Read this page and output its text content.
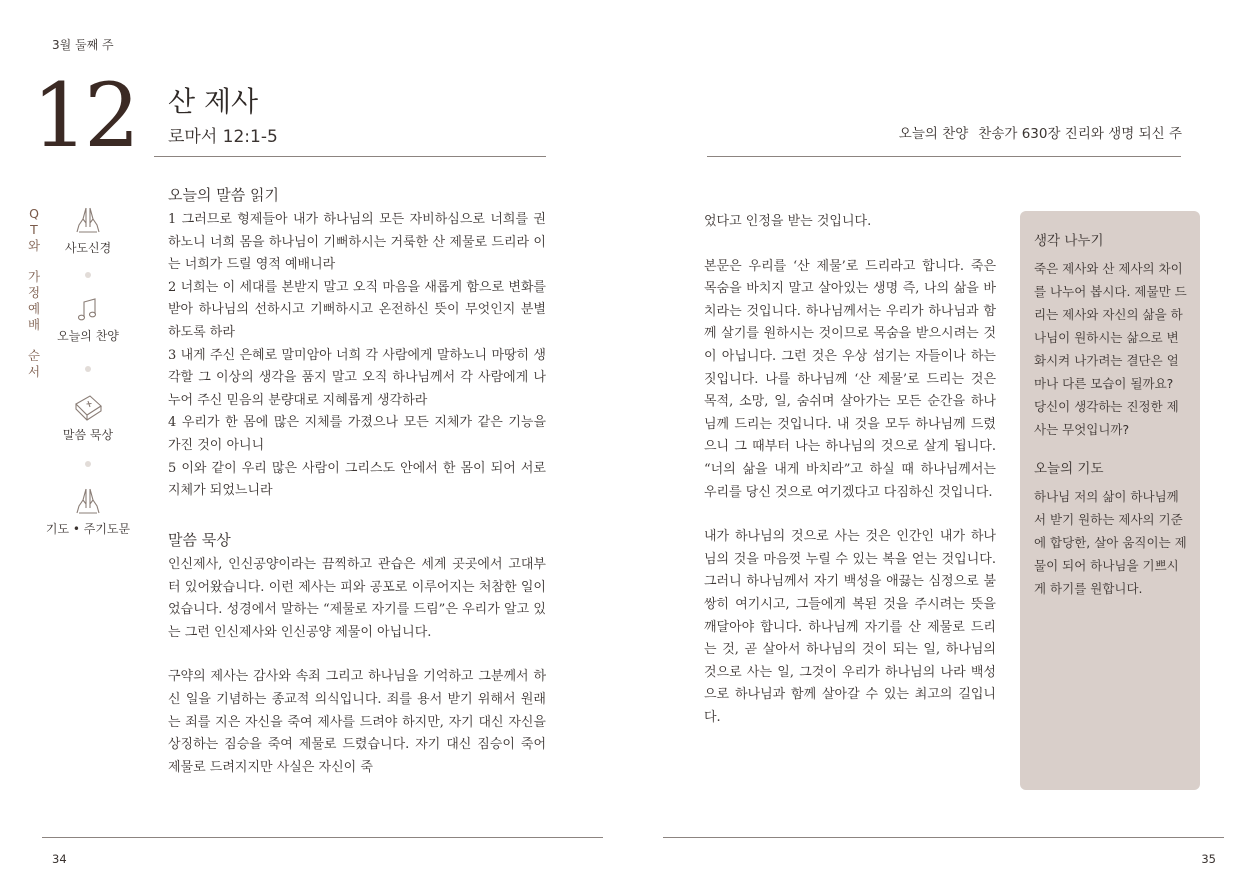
3월 둘째 주
12 산 제사
로마서 12:1-5	오늘의 찬양 찬송가 630장 진리와 생명 되신 주
Q
T
와

가
정
예
배

순
서
사도신경
오늘의 찬양
말씀 묵상
기도 • 주기도문
오늘의 말씀 읽기

1 그러므로 형제들아 내가 하나님의 모든 자비하심으로 너희를 권하노니 너희 몸을 하나님이 기뻐하시는 거룩한 산 제물로 드리라 이는 너희가 드릴 영적 예배니라

2 너희는 이 세대를 본받지 말고 오직 마음을 새롭게 함으로 변화를 받아 하나님의 선하시고 기뻐하시고 온전하신 뜻이 무엇인지 분별하도록 하라

3 내게 주신 은혜로 말미암아 너희 각 사람에게 말하노니 마땅히 생각할 그 이상의 생각을 품지 말고 오직 하나님께서 각 사람에게 나누어 주신 믿음의 분량대로 지혜롭게 생각하라

4 우리가 한 몸에 많은 지체를 가졌으나 모든 지체가 같은 기능을 가진 것이 아니니

5 이와 같이 우리 많은 사람이 그리스도 안에서 한 몸이 되어 서로 지체가 되었느니라

말씀 묵상

인신제사, 인신공양이라는 끔찍하고 관습은 세계 곳곳에서 고대부터 있어왔습니다. 이런 제사는 피와 공포로 이루어지는 처참한 일이었습니다. 성경에서 말하는 “제물로 자기를 드림”은 우리가 알고 있는 그런 인신제사와 인신공양 제물이 아닙니다.

구약의 제사는 감사와 속죄 그리고 하나님을 기억하고 그분께서 하신 일을 기념하는 종교적 의식입니다. 죄를 용서 받기 위해서 원래는 죄를 지은 자신을 죽여 제사를 드려야 하지만, 자기 대신 자신을 상징하는 짐승을 죽여 제물로 드렸습니다. 자기 대신 짐승이 죽어 제물로 드려지지만 사실은 자신이 죽

었다고 인정을 받는 것입니다.

본문은 우리를 ‘산 제물’로 드리라고 합니다. 죽은 목숨을 바치지 말고 살아있는 생명 즉, 나의 삶을 바치라는 것입니다. 하나님께서는 우리가 하나님과 함께 살기를 원하시는 것이므로 목숨을 받으시려는 것이 아닙니다. 그런 것은 우상 섬기는 자들이나 하는 짓입니다. 나를 하나님께 ‘산 제물’로 드리는 것은 목적, 소망, 일, 숨쉬며 살아가는 모든 순간을 하나님께 드리는 것입니다. 내 것을 모두 하나님께 드렸으니 그 때부터 나는 하나님의 것으로 살게 됩니다. “너의 삶을 내게 바치라”고 하실 때 하나님께서는 우리를 당신 것으로 여기겠다고 다짐하신 것입니다.

내가 하나님의 것으로 사는 것은 인간인 내가 하나님의 것을 마음껏 누릴 수 있는 복을 얻는 것입니다. 그러니 하나님께서 자기 백성을 애끓는 심정으로 불쌍히 여기시고, 그들에게 복된 것을 주시려는 뜻을 깨달아야 합니다. 하나님께 자기를 산 제물로 드리는 것, 곧 살아서 하나님의 것이 되는 일, 하나님의 것으로 사는 일, 그것이 우리가 하나님의 나라 백성으로 하나님과 함께 살아갈 수 있는 최고의 길입니다.

생각 나누기

죽은 제사와 산 제사의 차이를 나누어 봅시다. 제물만 드리는 제사와 자신의 삶을 하나님이 원하시는 삶으로 변화시켜 나가려는 결단은 얼마나 다른 모습이 될까요? 당신이 생각하는 진정한 제사는 무엇입니까?

오늘의 기도

하나님 저의 삶이 하나님께서 받기 원하는 제사의 기준에 합당한, 살아 움직이는 제물이 되어 하나님을 기쁘시게 하기를 원합니다.

34	35
